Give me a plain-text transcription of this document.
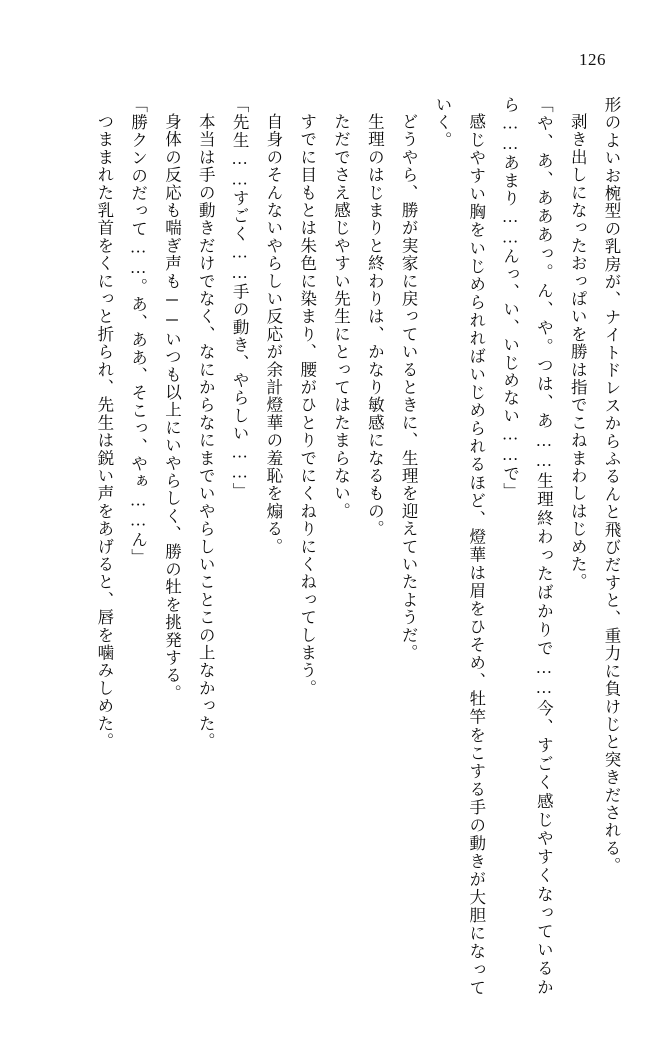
126

形のよいお椀型の乳房が、ナイトドレスからふるんと飛びだすと、重力に負けじと突きだされる。

剥き出しになったおっぱいを勝は指でこねまわしはじめた。

「や、あ、あああっ。ん、や。つは、あ……生理終わったばかりで……今、すごく感じやすくなっているから……あまり……んっ、い、いじめない……で」

感じやすい胸をいじめられればいじめられるほど、燈華は眉をひそめ、牡竿をこする手の動きが大胆になっていく。

どうやら、勝が実家に戻っているときに、生理を迎えていたようだ。

生理のはじまりと終わりは、かなり敏感になるもの。

ただでさえ感じやすい先生にとってはたまらない。

すでに目もとは朱色に染まり、腰がひとりでにくねりにくねってしまう。

自身のそんないやらしい反応が余計燈華の羞恥を煽る。

「先生……すごく……手の動き、やらしい……」

本当は手の動きだけでなく、なにからなにまでいやらしいことこの上なかった。

身体の反応も喘ぎ声も──いつも以上にいやらしく、勝の牡を挑発する。

「勝クンのだって……。あ、ああ、そこっ、やぁ……ん」

つままれた乳首をくにっと折られ、先生は鋭い声をあげると、唇を噛みしめた。
